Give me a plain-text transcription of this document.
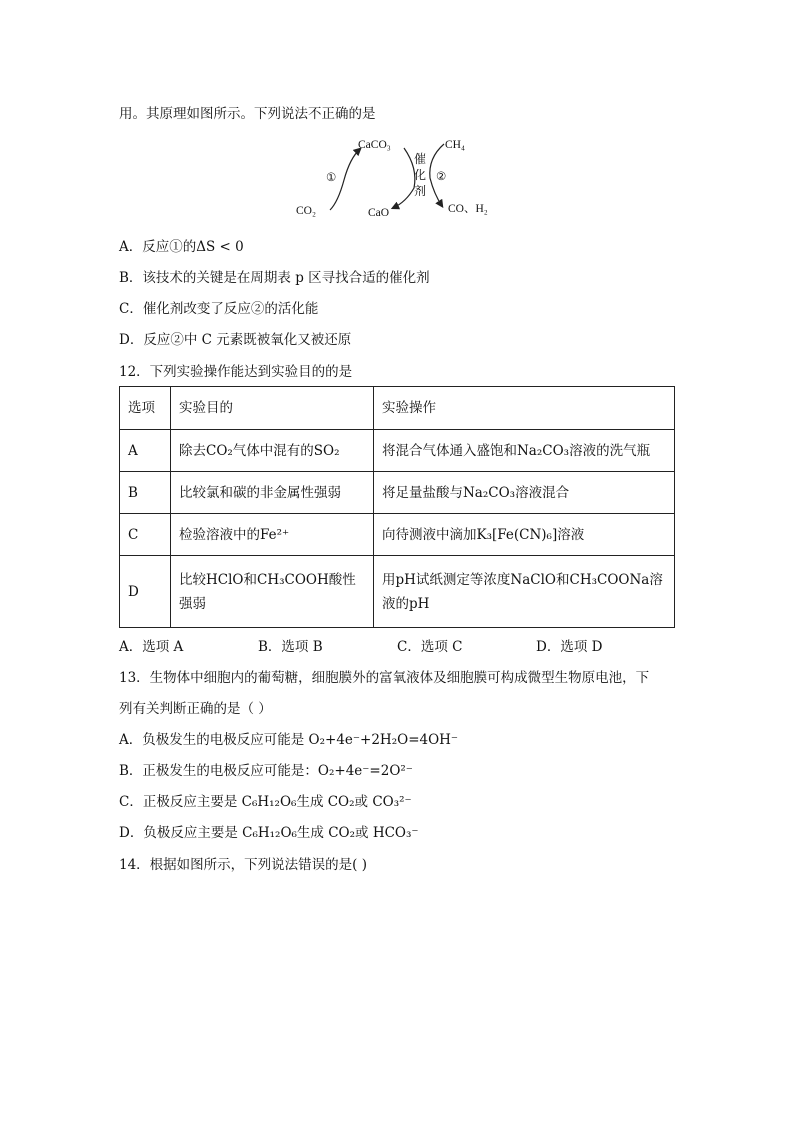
用。其原理如图所示。下列说法不正确的是
CaCO₃
CaO
CO₂
CH₄
CO、H₂
①	②
催
化
剂
A．反应①的ΔS < 0
B．该技术的关键是在周期表 p 区寻找合适的催化剂
C．催化剂改变了反应②的活化能
D．反应②中 C 元素既被氧化又被还原
12．下列实验操作能达到实验目的的是
选项	实验目的	实验操作
A	除去CO₂气体中混有的SO₂	将混合气体通入盛饱和Na₂CO₃溶液的洗气瓶
B	比较氯和碳的非金属性强弱	将足量盐酸与Na₂CO₃溶液混合
C	检验溶液中的Fe²⁺	向待测液中滴加K₃[Fe(CN)₆]溶液
D	比较HClO和CH₃COOH酸性强弱	用pH试纸测定等浓度NaClO和CH₃COONa溶液的pH
A．选项 A	B．选项 B	C．选项 C	D．选项 D
13．生物体中细胞内的葡萄糖，细胞膜外的富氧液体及细胞膜可构成微型生物原电池，下
列有关判断正确的是（ ）
A．负极发生的电极反应可能是 O₂+4e⁻+2H₂O=4OH⁻
B．正极发生的电极反应可能是：O₂+4e⁻=2O²⁻
C．正极反应主要是 C₆H₁₂O₆生成 CO₂或 CO₃²⁻
D．负极反应主要是 C₆H₁₂O₆生成 CO₂或 HCO₃⁻
14．根据如图所示，下列说法错误的是( )
